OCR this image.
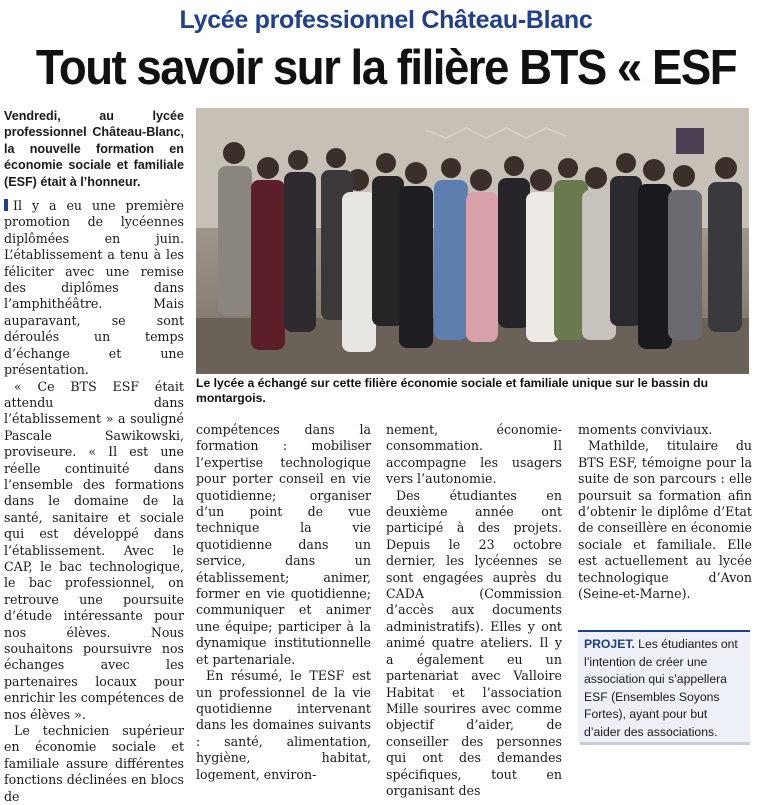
Lycée professionnel Château-Blanc
Tout savoir sur la filière BTS « ESF

Vendredi, au lycée professionnel Château-Blanc, la nouvelle formation en économie sociale et familiale (ESF) était à l’honneur.

Il y a eu une première promotion de lycéennes diplômées en juin. L’établissement a tenu à les féliciter avec une remise des diplômes dans l’amphithéâtre. Mais auparavant, se sont déroulés un temps d’échange et une présentation.

« Ce BTS ESF était attendu dans l’établissement » a souligné Pascale Sawikowski, proviseure. « Il est une réelle continuité dans l’ensemble des formations dans le domaine de la santé, sanitaire et sociale qui est développé dans l’établissement. Avec le CAP, le bac technologique, le bac professionnel, on retrouve une poursuite d’étude intéressante pour nos élèves. Nous souhaitons poursuivre nos échanges avec les partenaires locaux pour enrichir les compétences de nos élèves ».

Le technicien supérieur en économie sociale et familiale assure différentes fonctions déclinées en blocs de

Le lycée a échangé sur cette filière économie sociale et familiale unique sur le bassin du montargois.

compétences dans la formation : mobiliser l’expertise technologique pour porter conseil en vie quotidienne; organiser d’un point de vue technique la vie quotidienne dans un service, dans un établissement; animer, former en vie quotidienne; communiquer et animer une équipe; participer à la dynamique institutionnelle et partenariale.

En résumé, le TESF est un professionnel de la vie quotidienne intervenant dans les domaines suivants : santé, alimentation, hygiène, habitat, logement, environ-

nement, économie-consommation. Il accompagne les usagers vers l’autonomie.

Des étudiantes en deuxième année ont participé à des projets. Depuis le 23 octobre dernier, les lycéennes se sont engagées auprès du CADA (Commission d’accès aux documents administratifs). Elles y ont animé quatre ateliers. Il y a également eu un partenariat avec Valloire Habitat et l’association Mille sourires avec comme objectif d’aider, de conseiller des personnes qui ont des demandes spécifiques, tout en organisant des

moments conviviaux.

Mathilde, titulaire du BTS ESF, témoigne pour la suite de son parcours : elle poursuit sa formation afin d’obtenir le diplôme d’Etat de conseillère en économie sociale et familiale. Elle est actuellement au lycée technologique d’Avon (Seine-et-Marne).

PROJET. Les étudiantes ont l’intention de créer une association qui s’appellera ESF (Ensembles Soyons Fortes), ayant pour but d’aider des associations.
